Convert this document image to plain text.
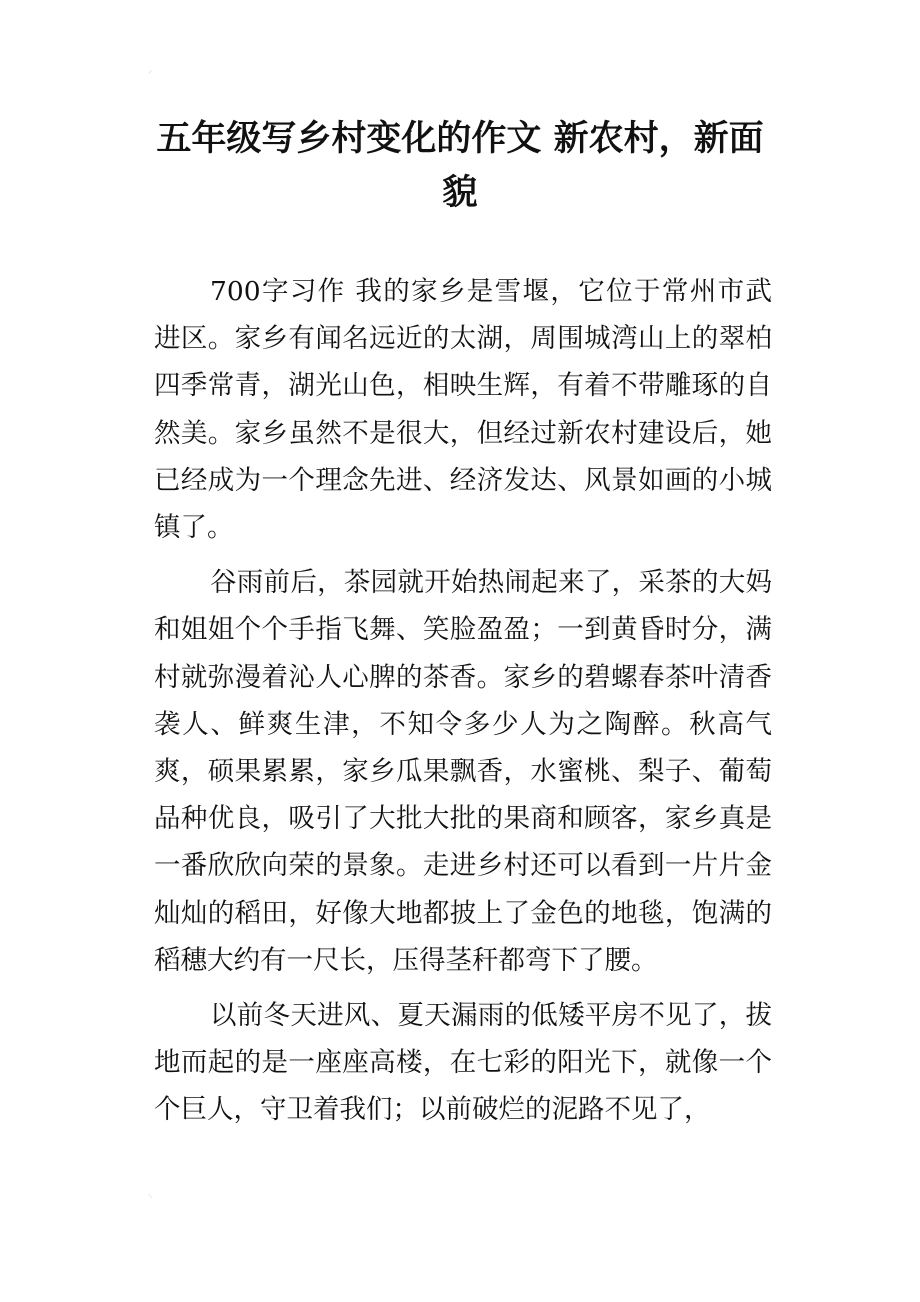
⸝
五年级写乡村变化的作文 新农村，新面貌

700字习作 我的家乡是雪堰，它位于常州市武进区。家乡有闻名远近的太湖，周围城湾山上的翠柏四季常青，湖光山色，相映生辉，有着不带雕琢的自然美。家乡虽然不是很大，但经过新农村建设后，她已经成为一个理念先进、经济发达、风景如画的小城镇了。

谷雨前后，茶园就开始热闹起来了，采茶的大妈和姐姐个个手指飞舞、笑脸盈盈；一到黄昏时分，满村就弥漫着沁人心脾的茶香。家乡的碧螺春茶叶清香袭人、鲜爽生津，不知令多少人为之陶醉。秋高气爽，硕果累累，家乡瓜果飘香，水蜜桃、梨子、葡萄品种优良，吸引了大批大批的果商和顾客，家乡真是一番欣欣向荣的景象。走进乡村还可以看到一片片金灿灿的稻田，好像大地都披上了金色的地毯，饱满的稻穗大约有一尺长，压得茎秆都弯下了腰。

以前冬天进风、夏天漏雨的低矮平房不见了，拔地而起的是一座座高楼，在七彩的阳光下，就像一个个巨人，守卫着我们；以前破烂的泥路不见了，

⸜
